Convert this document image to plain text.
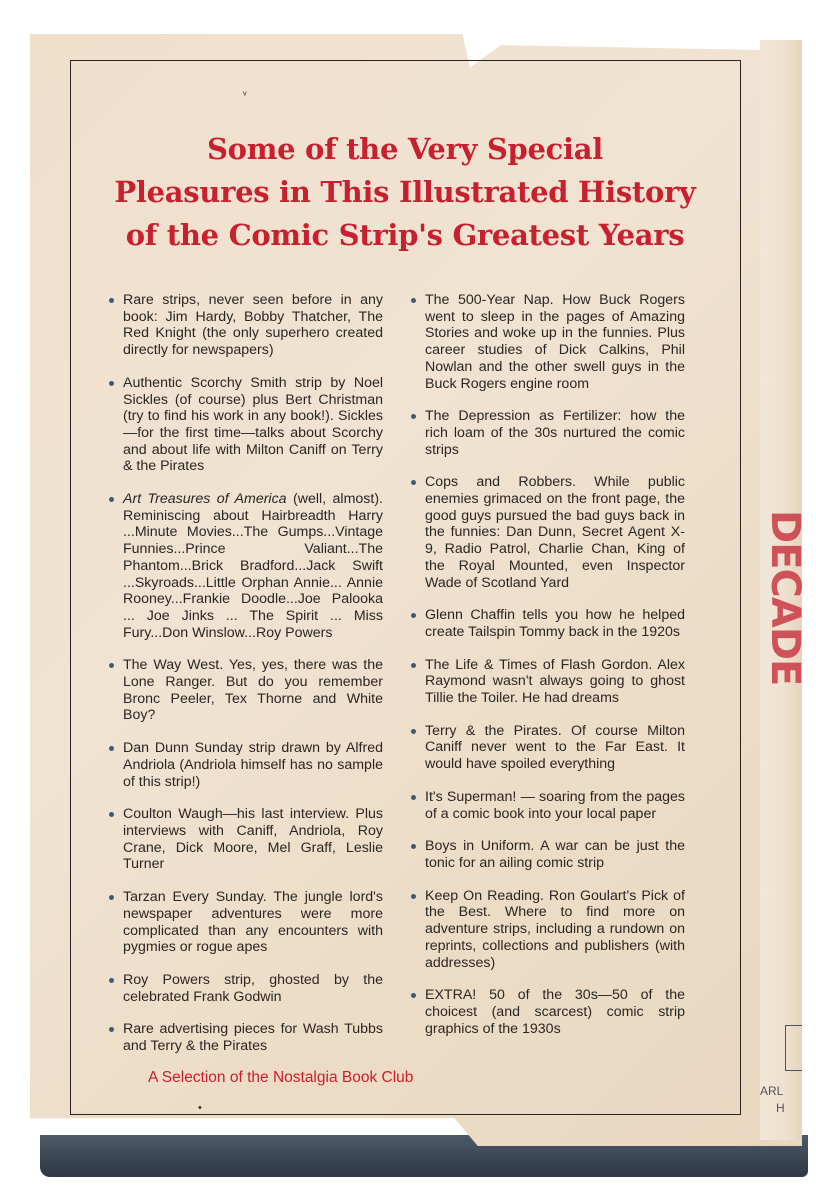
ᵥ
•
Some of the Very Special
Pleasures in This Illustrated History
of the Comic Strip's Greatest Years
Rare strips, never seen before in any book: Jim Hardy, Bobby Thatcher, The Red Knight (the only superhero created directly for newspapers)
Authentic Scorchy Smith strip by Noel Sickles (of course) plus Bert Christman (try to find his work in any book!). Sickles—for the first time—talks about Scorchy and about life with Milton Caniff on Terry & the Pirates
Art Treasures of America (well, almost). Reminiscing about Hairbreadth Harry ...Minute Movies...The Gumps...Vintage Funnies...Prince Valiant...The Phantom...Brick Bradford...Jack Swift ...Skyroads...Little Orphan Annie... Annie Rooney...Frankie Doodle...Joe Palooka ... Joe Jinks ... The Spirit ... Miss Fury...Don Winslow...Roy Powers
The Way West. Yes, yes, there was the Lone Ranger. But do you remember Bronc Peeler, Tex Thorne and White Boy?
Dan Dunn Sunday strip drawn by Alfred Andriola (Andriola himself has no sample of this strip!)
Coulton Waugh—his last interview. Plus interviews with Caniff, Andriola, Roy Crane, Dick Moore, Mel Graff, Leslie Turner
Tarzan Every Sunday. The jungle lord's newspaper adventures were more complicated than any encounters with pygmies or rogue apes
Roy Powers strip, ghosted by the celebrated Frank Godwin
Rare advertising pieces for Wash Tubbs and Terry & the Pirates
The 500-Year Nap. How Buck Rogers went to sleep in the pages of Amazing Stories and woke up in the funnies. Plus career studies of Dick Calkins, Phil Nowlan and the other swell guys in the Buck Rogers engine room
The Depression as Fertilizer: how the rich loam of the 30s nurtured the comic strips
Cops and Robbers. While public enemies grimaced on the front page, the good guys pursued the bad guys back in the funnies: Dan Dunn, Secret Agent X-9, Radio Patrol, Charlie Chan, King of the Royal Mounted, even Inspector Wade of Scotland Yard
Glenn Chaffin tells you how he helped create Tailspin Tommy back in the 1920s
The Life & Times of Flash Gordon. Alex Raymond wasn't always going to ghost Tillie the Toiler. He had dreams
Terry & the Pirates. Of course Milton Caniff never went to the Far East. It would have spoiled everything
It's Superman! — soaring from the pages of a comic book into your local paper
Boys in Uniform. A war can be just the tonic for an ailing comic strip
Keep On Reading. Ron Goulart's Pick of the Best. Where to find more on adventure strips, including a rundown on reprints, collections and publishers (with addresses)
EXTRA! 50 of the 30s—50 of the choicest (and scarcest) comic strip graphics of the 1930s
A Selection of the Nostalgia Book Club
DECADE
ARL
H
